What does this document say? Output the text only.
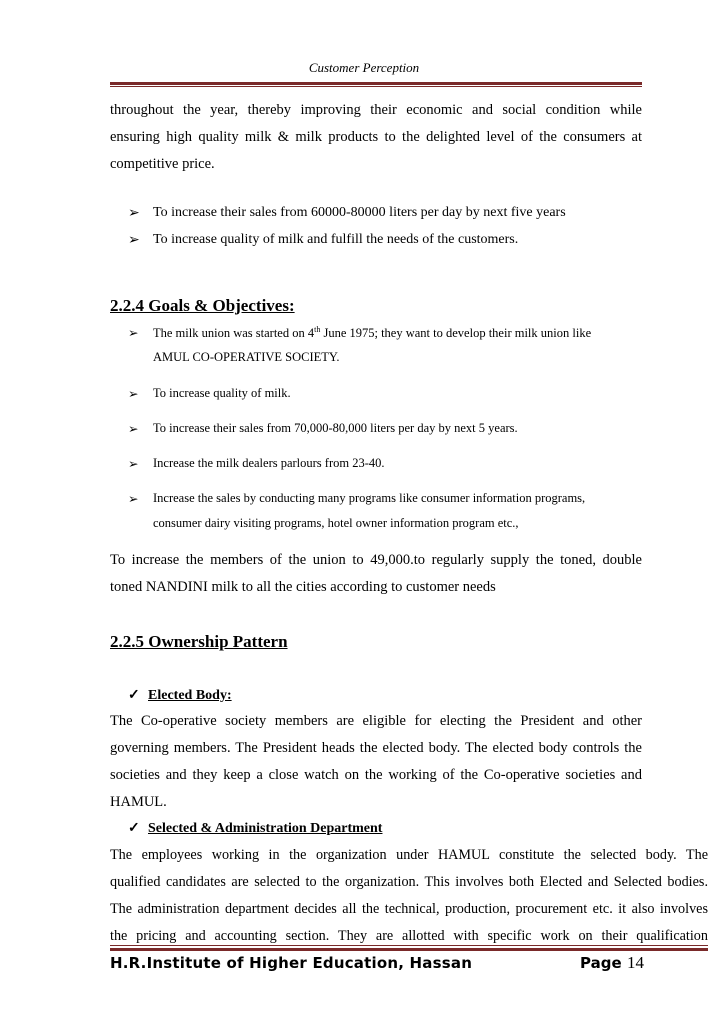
Customer Perception
throughout the year, thereby improving their economic and social condition while
ensuring high quality milk & milk products to the delighted level of the consumers at
competitive price.
➢ To increase their sales from 60000-80000 liters per day by next five years
➢ To increase quality of milk and fulfill the needs of the customers.
2.2.4 Goals & Objectives:
➢ The milk union was started on 4th June 1975; they want to develop their milk union like
AMUL CO-OPERATIVE SOCIETY.
➢ To increase quality of milk.
➢ To increase their sales from 70,000-80,000 liters per day by next 5 years.
➢ Increase the milk dealers parlours from 23-40.
➢ Increase the sales by conducting many programs like consumer information programs,
consumer dairy visiting programs, hotel owner information program etc.,
To increase the members of the union to 49,000.to regularly supply the toned, double
toned NANDINI milk to all the cities according to customer needs
2.2.5 Ownership Pattern
✓ Elected Body:
The Co-operative society members are eligible for electing the President and other
governing members. The President heads the elected body. The elected body controls the
societies and they keep a close watch on the working of the Co-operative societies and
HAMUL.
✓ Selected & Administration Department
The employees working in the organization under HAMUL constitute the selected body. The
qualified candidates are selected to the organization. This involves both Elected and Selected bodies.
The administration department decides all the technical, production, procurement etc. it also involves
the pricing and accounting section. They are allotted with specific work on their qualification
H.R.Institute of Higher Education, Hassan	Page 14
